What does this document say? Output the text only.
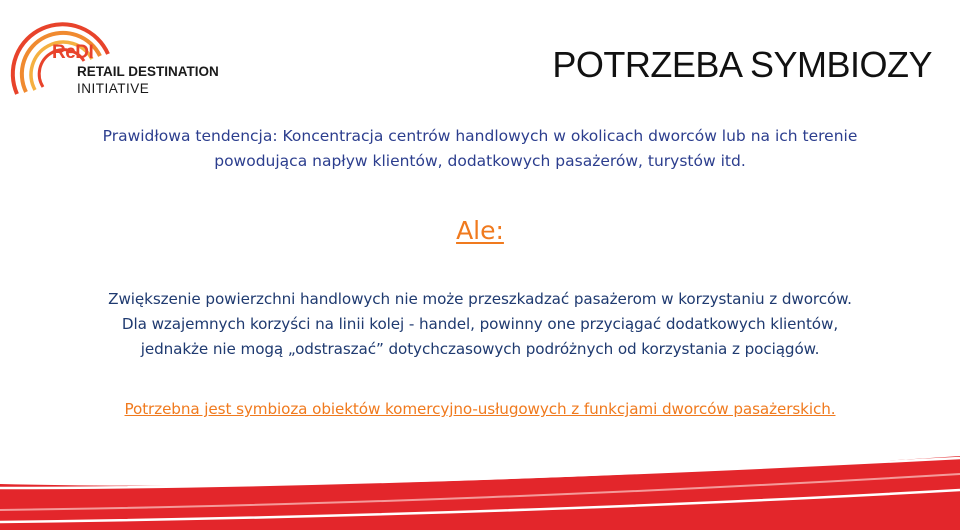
ReDI
RETAIL DESTINATION
INITIATIVE
POTRZEBA SYMBIOZY
Prawidłowa tendencja: Koncentracja centrów handlowych w okolicach dworców lub na ich terenie
powodująca napływ klientów, dodatkowych pasażerów, turystów itd.
Ale:
Zwiększenie powierzchni handlowych nie może przeszkadzać pasażerom w korzystaniu z dworców.
Dla wzajemnych korzyści na linii kolej - handel, powinny one przyciągać dodatkowych klientów,
jednakże nie mogą „odstraszać” dotychczasowych podróżnych od korzystania z pociągów.
Potrzebna jest symbioza obiektów komercyjno-usługowych z funkcjami dworców pasażerskich.
